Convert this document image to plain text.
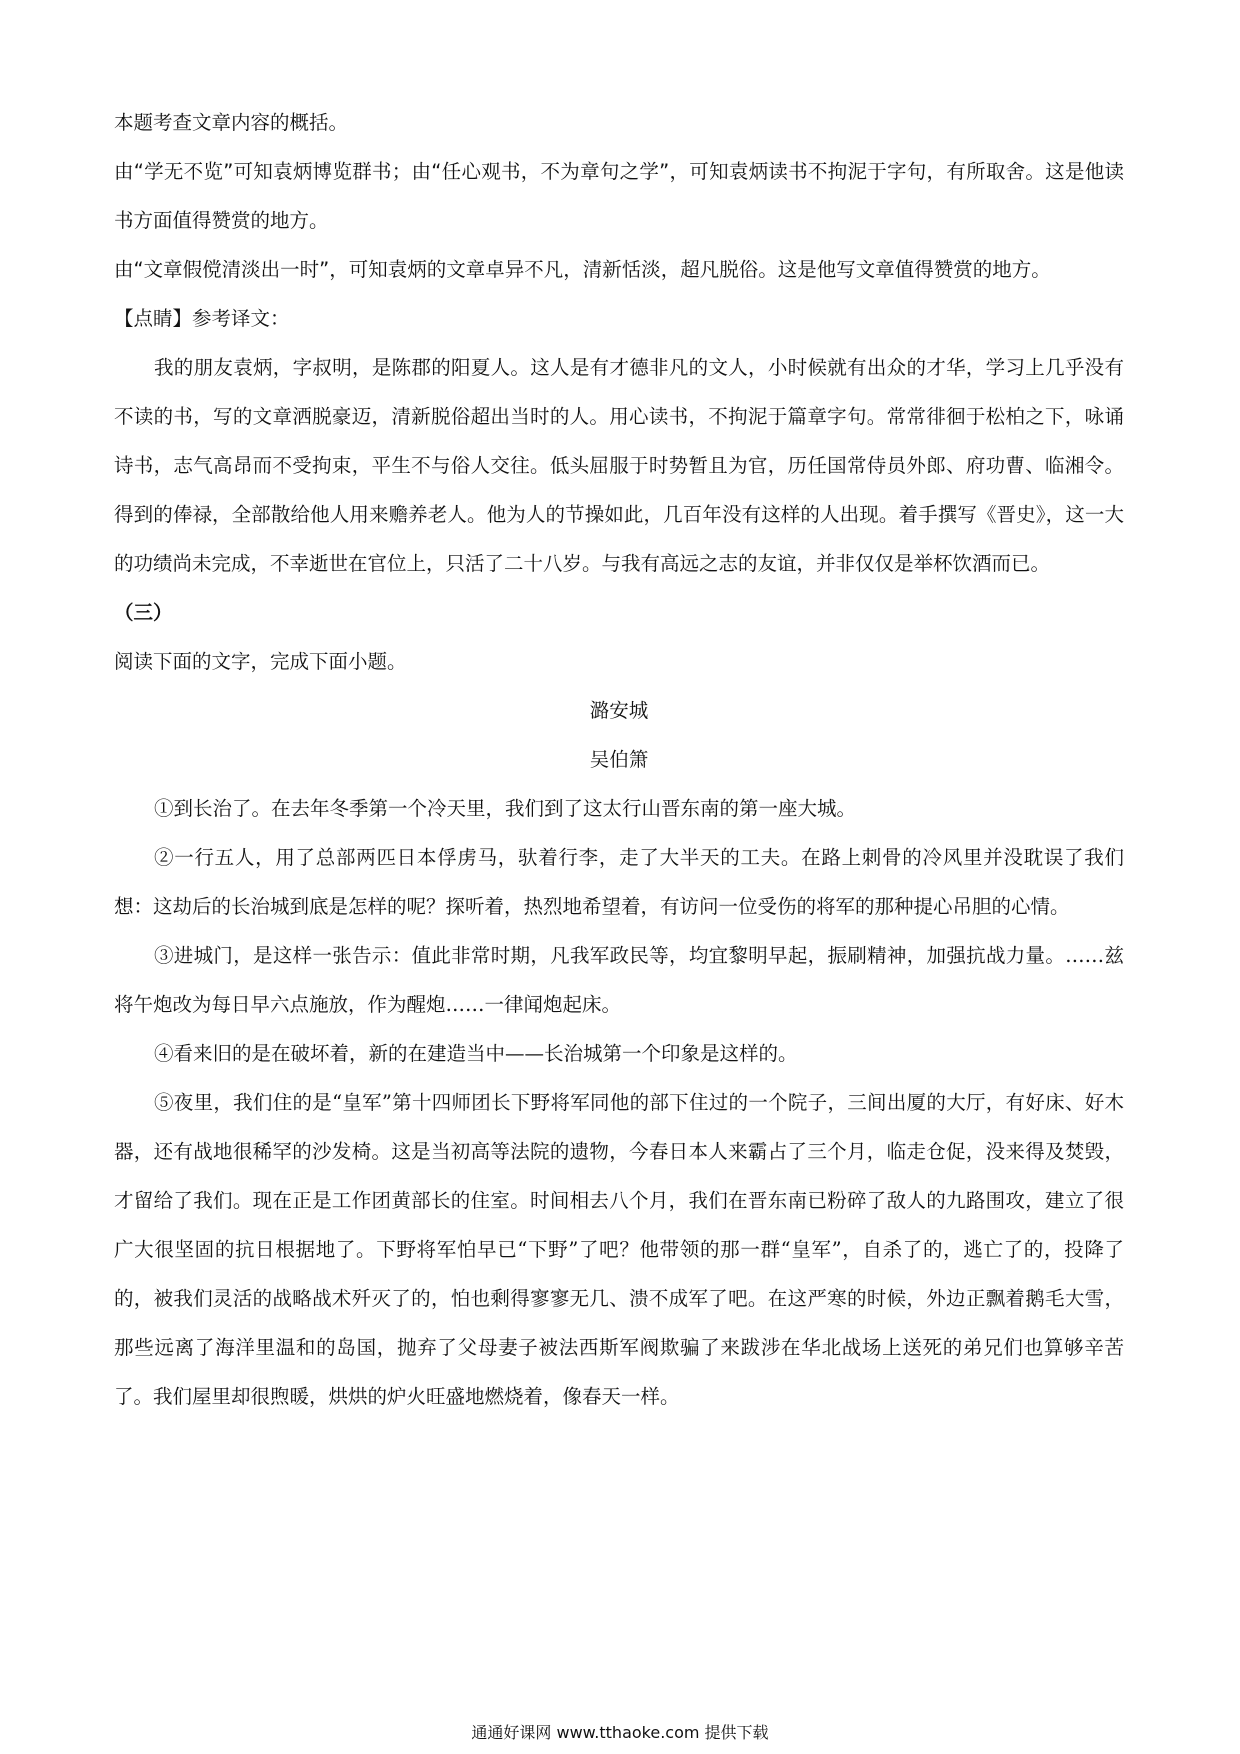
本题考查文章内容的概括。

由“学无不览”可知袁炳博览群书；由“任心观书，不为章句之学”，可知袁炳读书不拘泥于字句，有所取舍。这是他读书方面值得赞赏的地方。

由“文章假傥清淡出一时”，可知袁炳的文章卓异不凡，清新恬淡，超凡脱俗。这是他写文章值得赞赏的地方。

【点睛】参考译文：

我的朋友袁炳，字叔明，是陈郡的阳夏人。这人是有才德非凡的文人，小时候就有出众的才华，学习上几乎没有不读的书，写的文章洒脱豪迈，清新脱俗超出当时的人。用心读书，不拘泥于篇章字句。常常徘徊于松柏之下，咏诵诗书，志气高昂而不受拘束，平生不与俗人交往。低头屈服于时势暂且为官，历任国常侍员外郎、府功曹、临湘令。得到的俸禄，全部散给他人用来赡养老人。他为人的节操如此，几百年没有这样的人出现。着手撰写《晋史》，这一大的功绩尚未完成，不幸逝世在官位上，只活了二十八岁。与我有高远之志的友谊，并非仅仅是举杯饮酒而已。

（三）

阅读下面的文字，完成下面小题。

潞安城

吴伯箫

①到长治了。在去年冬季第一个冷天里，我们到了这太行山晋东南的第一座大城。

②一行五人，用了总部两匹日本俘虏马，驮着行李，走了大半天的工夫。在路上刺骨的冷风里并没耽误了我们想：这劫后的长治城到底是怎样的呢？探听着，热烈地希望着，有访问一位受伤的将军的那种提心吊胆的心情。

③进城门，是这样一张告示：值此非常时期，凡我军政民等，均宜黎明早起，振刷精神，加强抗战力量。……兹将午炮改为每日早六点施放，作为醒炮……一律闻炮起床。

④看来旧的是在破坏着，新的在建造当中——长治城第一个印象是这样的。

⑤夜里，我们住的是“皇军”第十四师团长下野将军同他的部下住过的一个院子，三间出厦的大厅，有好床、好木器，还有战地很稀罕的沙发椅。这是当初高等法院的遗物，今春日本人来霸占了三个月，临走仓促，没来得及焚毁，才留给了我们。现在正是工作团黄部长的住室。时间相去八个月，我们在晋东南已粉碎了敌人的九路围攻，建立了很广大很坚固的抗日根据地了。下野将军怕早已“下野”了吧？他带领的那一群“皇军”，自杀了的，逃亡了的，投降了的，被我们灵活的战略战术歼灭了的，怕也剩得寥寥无几、溃不成军了吧。在这严寒的时候，外边正飘着鹅毛大雪，那些远离了海洋里温和的岛国，抛弃了父母妻子被法西斯军阀欺骗了来跋涉在华北战场上送死的弟兄们也算够辛苦了。我们屋里却很煦暖，烘烘的炉火旺盛地燃烧着，像春天一样。

通通好课网 www.tthaoke.com 提供下载
